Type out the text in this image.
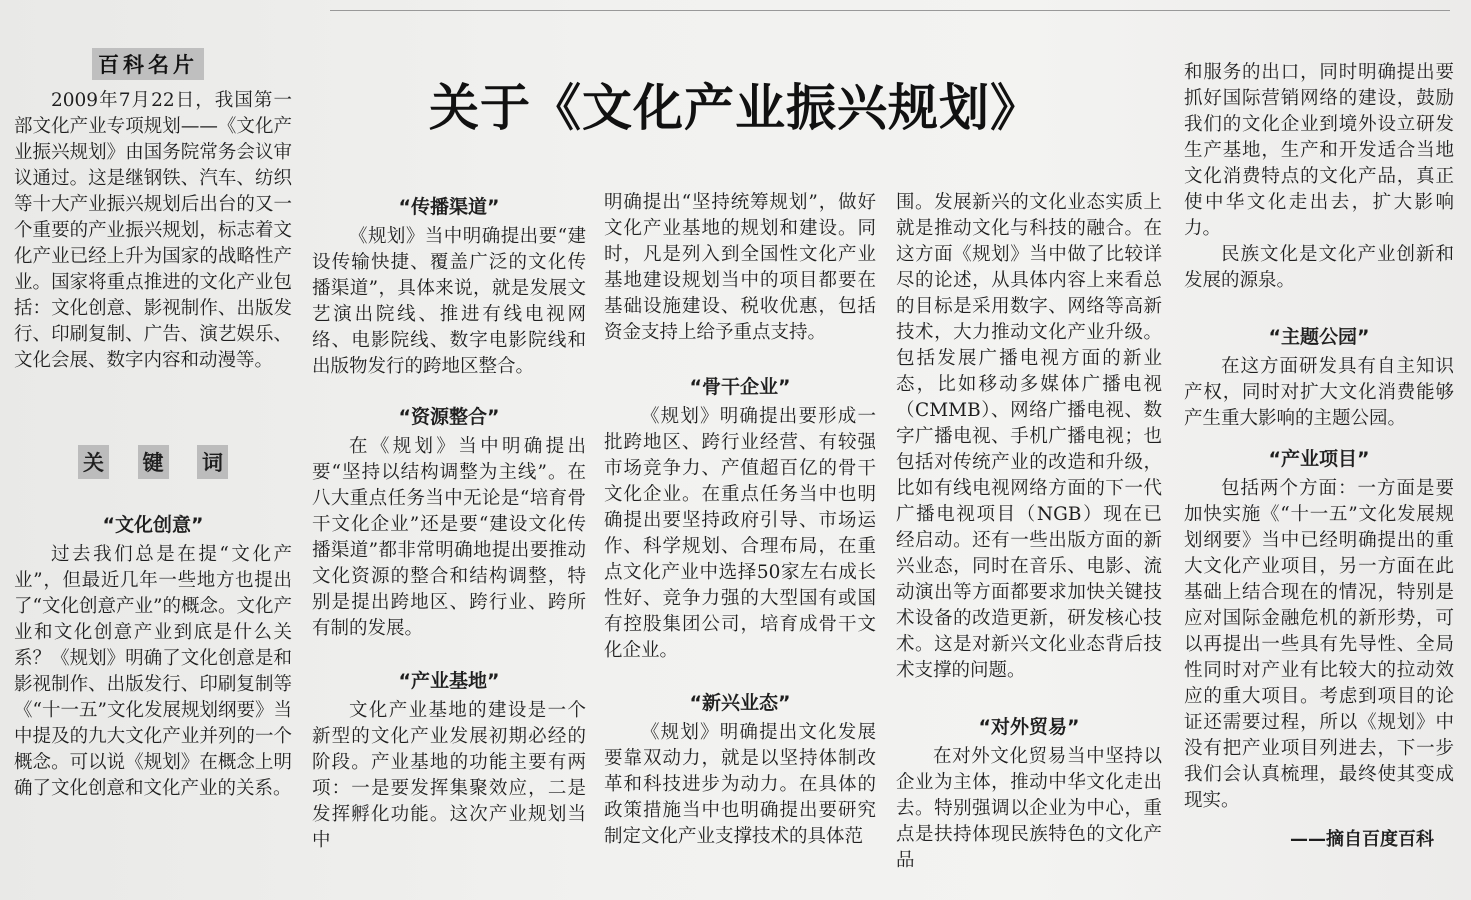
关于《文化产业振兴规划》
百科名片

2009年7月22日，我国第一部文化产业专项规划——《文化产业振兴规划》由国务院常务会议审议通过。这是继钢铁、汽车、纺织等十大产业振兴规划后出台的又一个重要的产业振兴规划，标志着文化产业已经上升为国家的战略性产业。国家将重点推进的文化产业包括：文化创意、影视制作、出版发行、印刷复制、广告、演艺娱乐、文化会展、数字内容和动漫等。

关 键 词
“文化创意”

过去我们总是在提“文化产业”，但最近几年一些地方也提出了“文化创意产业”的概念。文化产业和文化创意产业到底是什么关系？《规划》明确了文化创意是和影视制作、出版发行、印刷复制等《“十一五”文化发展规划纲要》当中提及的九大文化产业并列的一个概念。可以说《规划》在概念上明确了文化创意和文化产业的关系。

“传播渠道”

《规划》当中明确提出要“建设传输快捷、覆盖广泛的文化传播渠道”，具体来说，就是发展文艺演出院线、推进有线电视网络、电影院线、数字电影院线和出版物发行的跨地区整合。

“资源整合”

在《规划》当中明确提出要“坚持以结构调整为主线”。在八大重点任务当中无论是“培育骨干文化企业”还是要“建设文化传播渠道”都非常明确地提出要推动文化资源的整合和结构调整，特别是提出跨地区、跨行业、跨所有制的发展。

“产业基地”

文化产业基地的建设是一个新型的文化产业发展初期必经的阶段。产业基地的功能主要有两项：一是要发挥集聚效应，二是发挥孵化功能。这次产业规划当中

明确提出“坚持统筹规划”，做好文化产业基地的规划和建设。同时，凡是列入到全国性文化产业基地建设规划当中的项目都要在基础设施建设、税收优惠，包括资金支持上给予重点支持。

“骨干企业”

《规划》明确提出要形成一批跨地区、跨行业经营、有较强市场竞争力、产值超百亿的骨干文化企业。在重点任务当中也明确提出要坚持政府引导、市场运作、科学规划、合理布局，在重点文化产业中选择50家左右成长性好、竞争力强的大型国有或国有控股集团公司，培育成骨干文化企业。

“新兴业态”

《规划》明确提出文化发展要靠双动力，就是以坚持体制改革和科技进步为动力。在具体的政策措施当中也明确提出要研究制定文化产业支撑技术的具体范

围。发展新兴的文化业态实质上就是推动文化与科技的融合。在这方面《规划》当中做了比较详尽的论述，从具体内容上来看总的目标是采用数字、网络等高新技术，大力推动文化产业升级。包括发展广播电视方面的新业态，比如移动多媒体广播电视（CMMB）、网络广播电视、数字广播电视、手机广播电视；也包括对传统产业的改造和升级，比如有线电视网络方面的下一代广播电视项目（NGB）现在已经启动。还有一些出版方面的新兴业态，同时在音乐、电影、流动演出等方面都要求加快关键技术设备的改造更新，研发核心技术。这是对新兴文化业态背后技术支撑的问题。

“对外贸易”

在对外文化贸易当中坚持以企业为主体，推动中华文化走出去。特别强调以企业为中心，重点是扶持体现民族特色的文化产品

和服务的出口，同时明确提出要抓好国际营销网络的建设，鼓励我们的文化企业到境外设立研发生产基地，生产和开发适合当地文化消费特点的文化产品，真正使中华文化走出去，扩大影响力。

民族文化是文化产业创新和发展的源泉。

“主题公园”

在这方面研发具有自主知识产权，同时对扩大文化消费能够产生重大影响的主题公园。

“产业项目”

包括两个方面：一方面是要加快实施《“十一五”文化发展规划纲要》当中已经明确提出的重大文化产业项目，另一方面在此基础上结合现在的情况，特别是应对国际金融危机的新形势，可以再提出一些具有先导性、全局性同时对产业有比较大的拉动效应的重大项目。考虑到项目的论证还需要过程，所以《规划》中没有把产业项目列进去，下一步我们会认真梳理，最终使其变成现实。

——摘自百度百科
